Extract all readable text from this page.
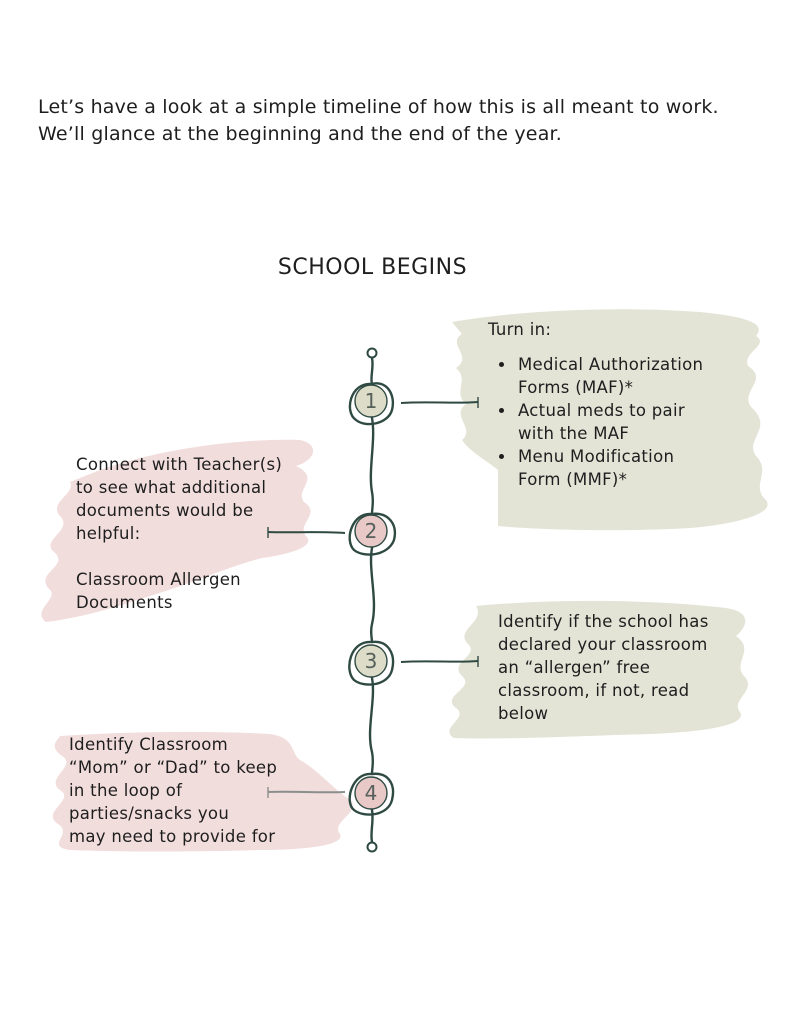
Let’s have a look at a simple timeline of how this is all meant to work.
We’ll glance at the beginning and the end of the year.
SCHOOL BEGINS
1
2
3
4
Turn in:
• Medical Authorization
Forms (MAF)*
• Actual meds to pair
with the MAF
• Menu Modification
Form (MMF)*
Connect with Teacher(s)
to see what additional
documents would be
helpful:
Classroom Allergen
Documents
Identify if the school has
declared your classroom
an “allergen” free
classroom, if not, read
below
Identify Classroom
“Mom” or “Dad” to keep
in the loop of
parties/snacks you
may need to provide for
